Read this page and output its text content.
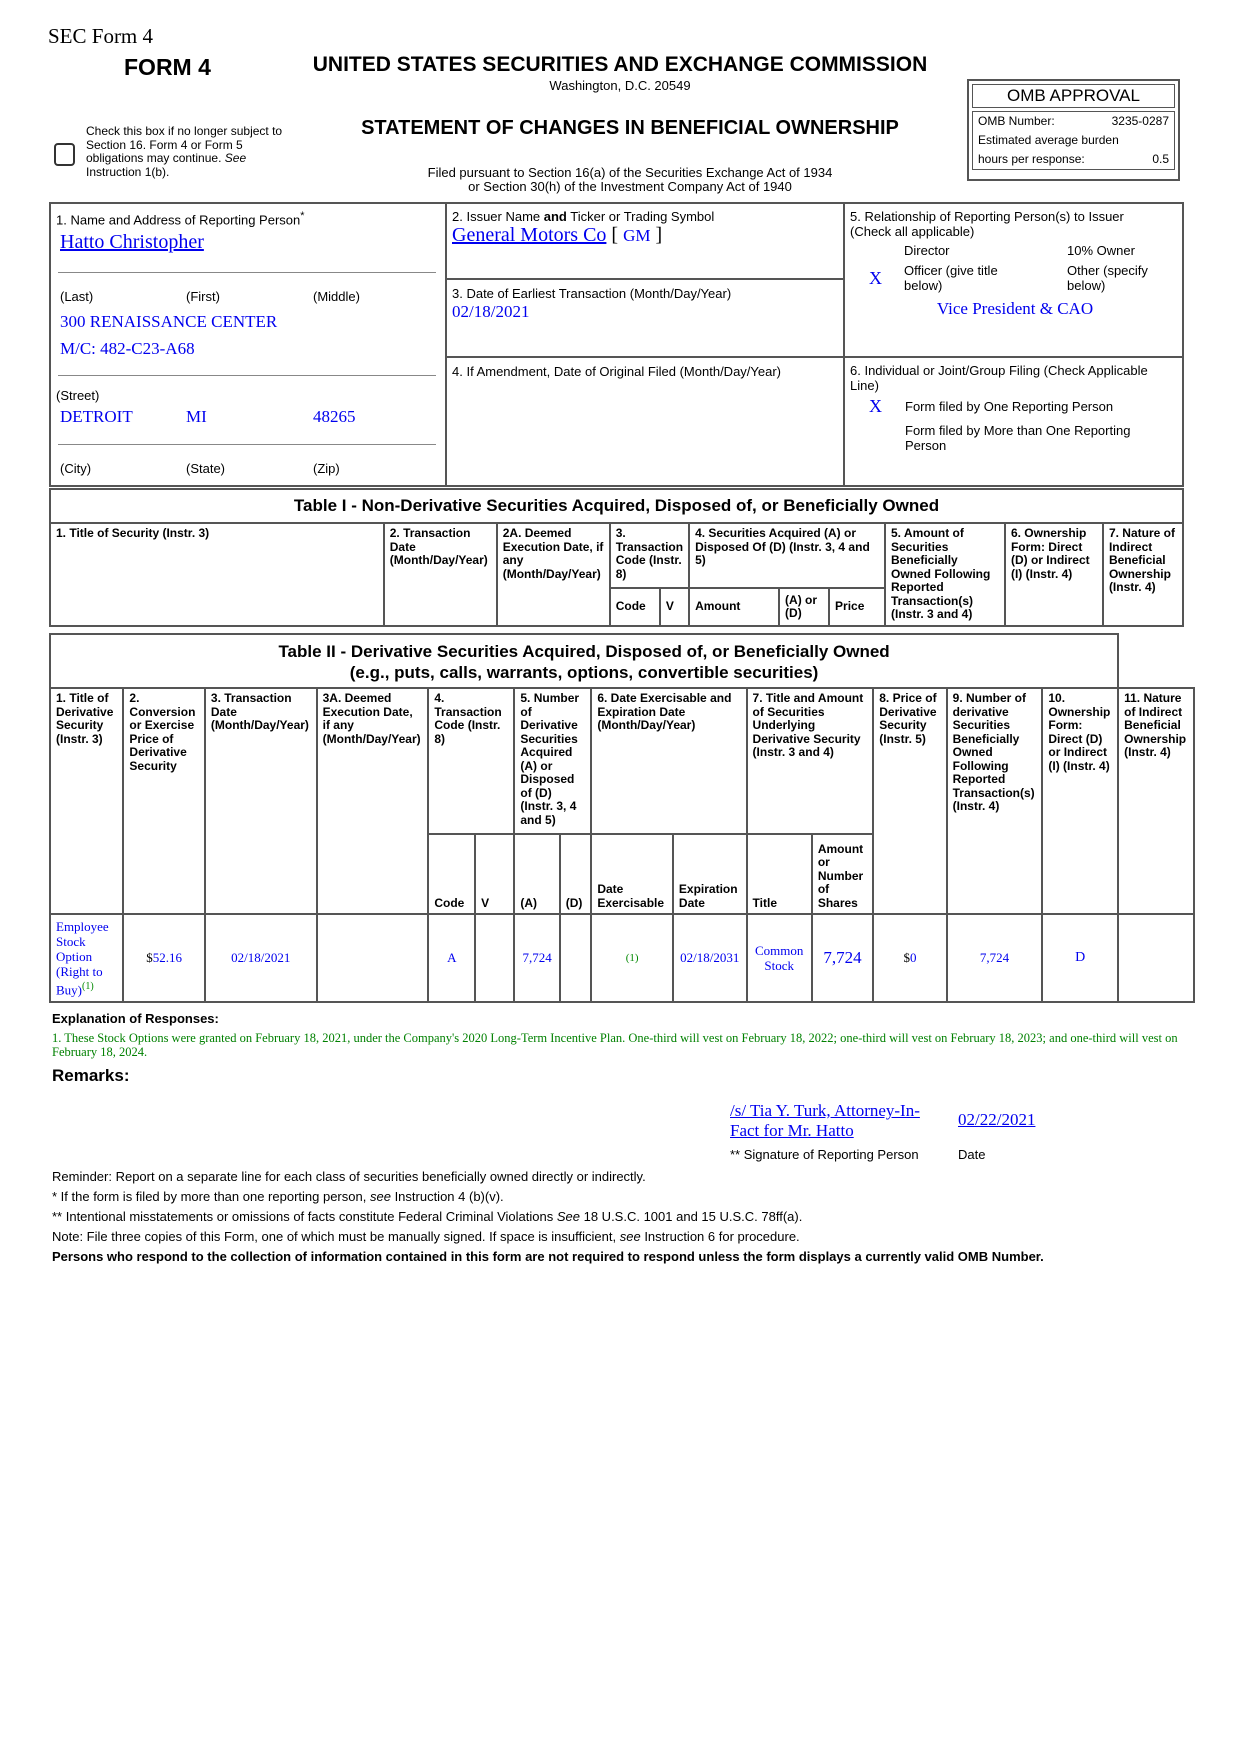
SEC Form 4
FORM 4	UNITED STATES SECURITIES AND EXCHANGE COMMISSION
Washington, D.C. 20549
STATEMENT OF CHANGES IN BENEFICIAL OWNERSHIP
Filed pursuant to Section 16(a) of the Securities Exchange Act of 1934
or Section 30(h) of the Investment Company Act of 1940
Check this box if no longer subject to
Section 16. Form 4 or Form 5
obligations may continue. See
Instruction 1(b).
OMB APPROVAL
OMB Number:	3235-0287
Estimated average burden
hours per response:	0.5
1. Name and Address of Reporting Person*
Hatto Christopher
(Last)	(First)	(Middle)
300 RENAISSANCE CENTER
M/C: 482-C23-A68
(Street)
DETROIT	MI	48265
(City)	(State)	(Zip)
2. Issuer Name and Ticker or Trading Symbol
General Motors Co [ GM ]
3. Date of Earliest Transaction (Month/Day/Year)
02/18/2021
4. If Amendment, Date of Original Filed (Month/Day/Year)
5. Relationship of Reporting Person(s) to Issuer
(Check all applicable)
Director	10% Owner
X Officer (give title below)
Other (specify below)
Vice President & CAO
6. Individual or Joint/Group Filing (Check Applicable Line)
X Form filed by One Reporting Person
Form filed by More than One Reporting Person
Table I - Non-Derivative Securities Acquired, Disposed of, or Beneficially Owned										
1. Title of Security (Instr. 3)	2. Transaction Date (Month/Day/Year)	2A. Deemed Execution Date, if any (Month/Day/Year)	3. Transaction Code (Instr. 8)		4. Securities Acquired (A) or Disposed Of (D) (Instr. 3, 4 and 5)			5. Amount of Securities Beneficially Owned Following Reported Transaction(s) (Instr. 3 and 4)	6. Ownership Form: Direct (D) or Indirect (I) (Instr. 4)	7. Nature of Indirect Beneficial Ownership (Instr. 4)
			Code	V	Amount	(A) or (D)	Price			
Table II - Derivative Securities Acquired, Disposed of, or Beneficially Owned
(e.g., puts, calls, warrants, options, convertible securities)															

1. Title of Derivative Security (Instr. 3)	2. Conversion or Exercise Price of Derivative Security	3. Transaction Date (Month/Day/Year)	3A. Deemed Execution Date, if any (Month/Day/Year)	4. Transaction Code (Instr. 8)		5. Number of Derivative Securities Acquired (A) or Disposed of (D) (Instr. 3, 4 and 5)		6. Date Exercisable and Expiration Date (Month/Day/Year)		7. Title and Amount of Securities Underlying Derivative Security (Instr. 3 and 4)		8. Price of Derivative Security (Instr. 5)	9. Number of derivative Securities Beneficially Owned Following Reported Transaction(s) (Instr. 4)	10. Ownership Form: Direct (D) or Indirect (I) (Instr. 4)	11. Nature of Indirect Beneficial Ownership (Instr. 4)
				Code	V	(A)	(D)	Date Exercisable	Expiration Date	Title	Amount or Number of Shares				
Employee Stock Option (Right to Buy)$^{(1)}$	$52.16	02/18/2021		A		7,724		(1)	02/18/2031	Common Stock	7,724	$0	7,724	D	
Explanation of Responses:
1. These Stock Options were granted on February 18, 2021, under the Company's 2020 Long-Term Incentive Plan. One-third will vest on February 18, 2022; one-third will vest on February 18, 2023; and one-third will vest on February 18, 2024.
Remarks:
/s/ Tia Y. Turk, Attorney-In-Fact for Mr. Hatto
02/22/2021
** Signature of Reporting Person	Date
Reminder: Report on a separate line for each class of securities beneficially owned directly or indirectly.
* If the form is filed by more than one reporting person, see Instruction 4 (b)(v).
** Intentional misstatements or omissions of facts constitute Federal Criminal Violations See 18 U.S.C. 1001 and 15 U.S.C. 78ff(a).
Note: File three copies of this Form, one of which must be manually signed. If space is insufficient, see Instruction 6 for procedure.
Persons who respond to the collection of information contained in this form are not required to respond unless the form displays a currently valid OMB Number.
